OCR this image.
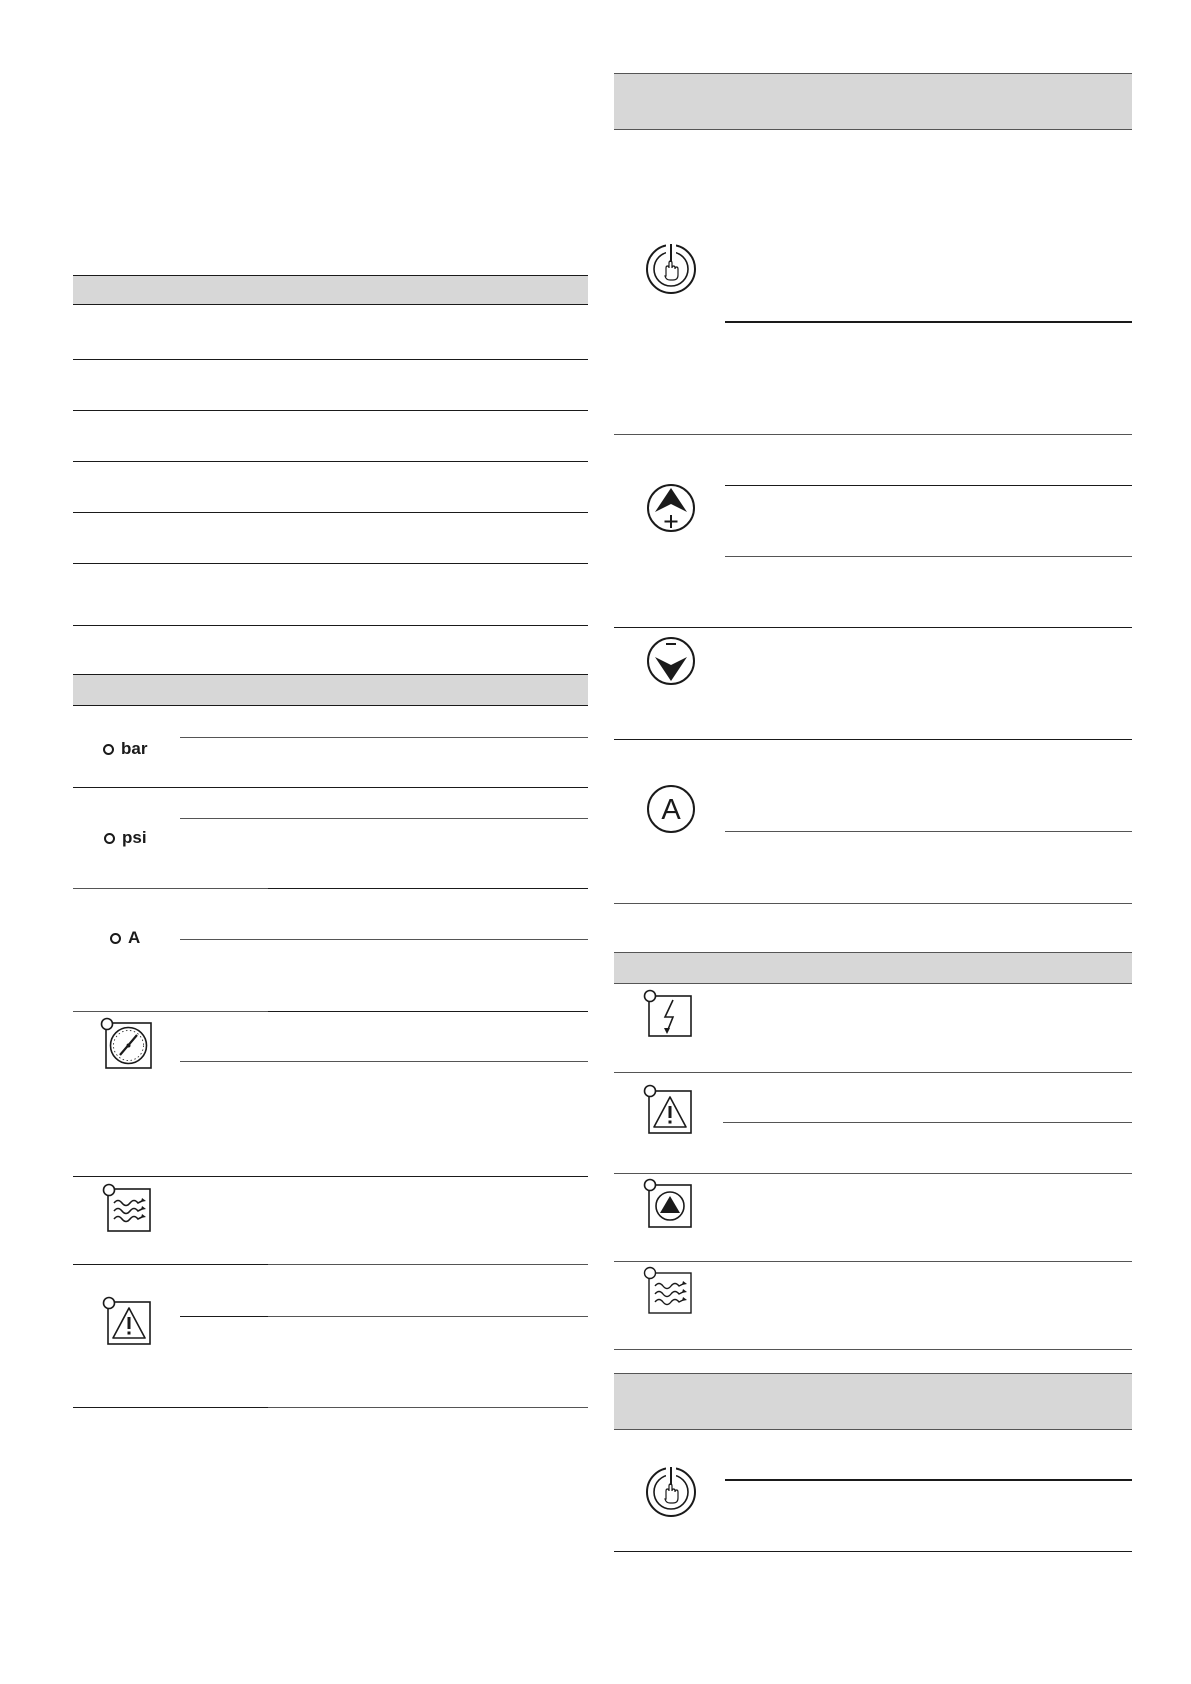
bar
psi
A
A
